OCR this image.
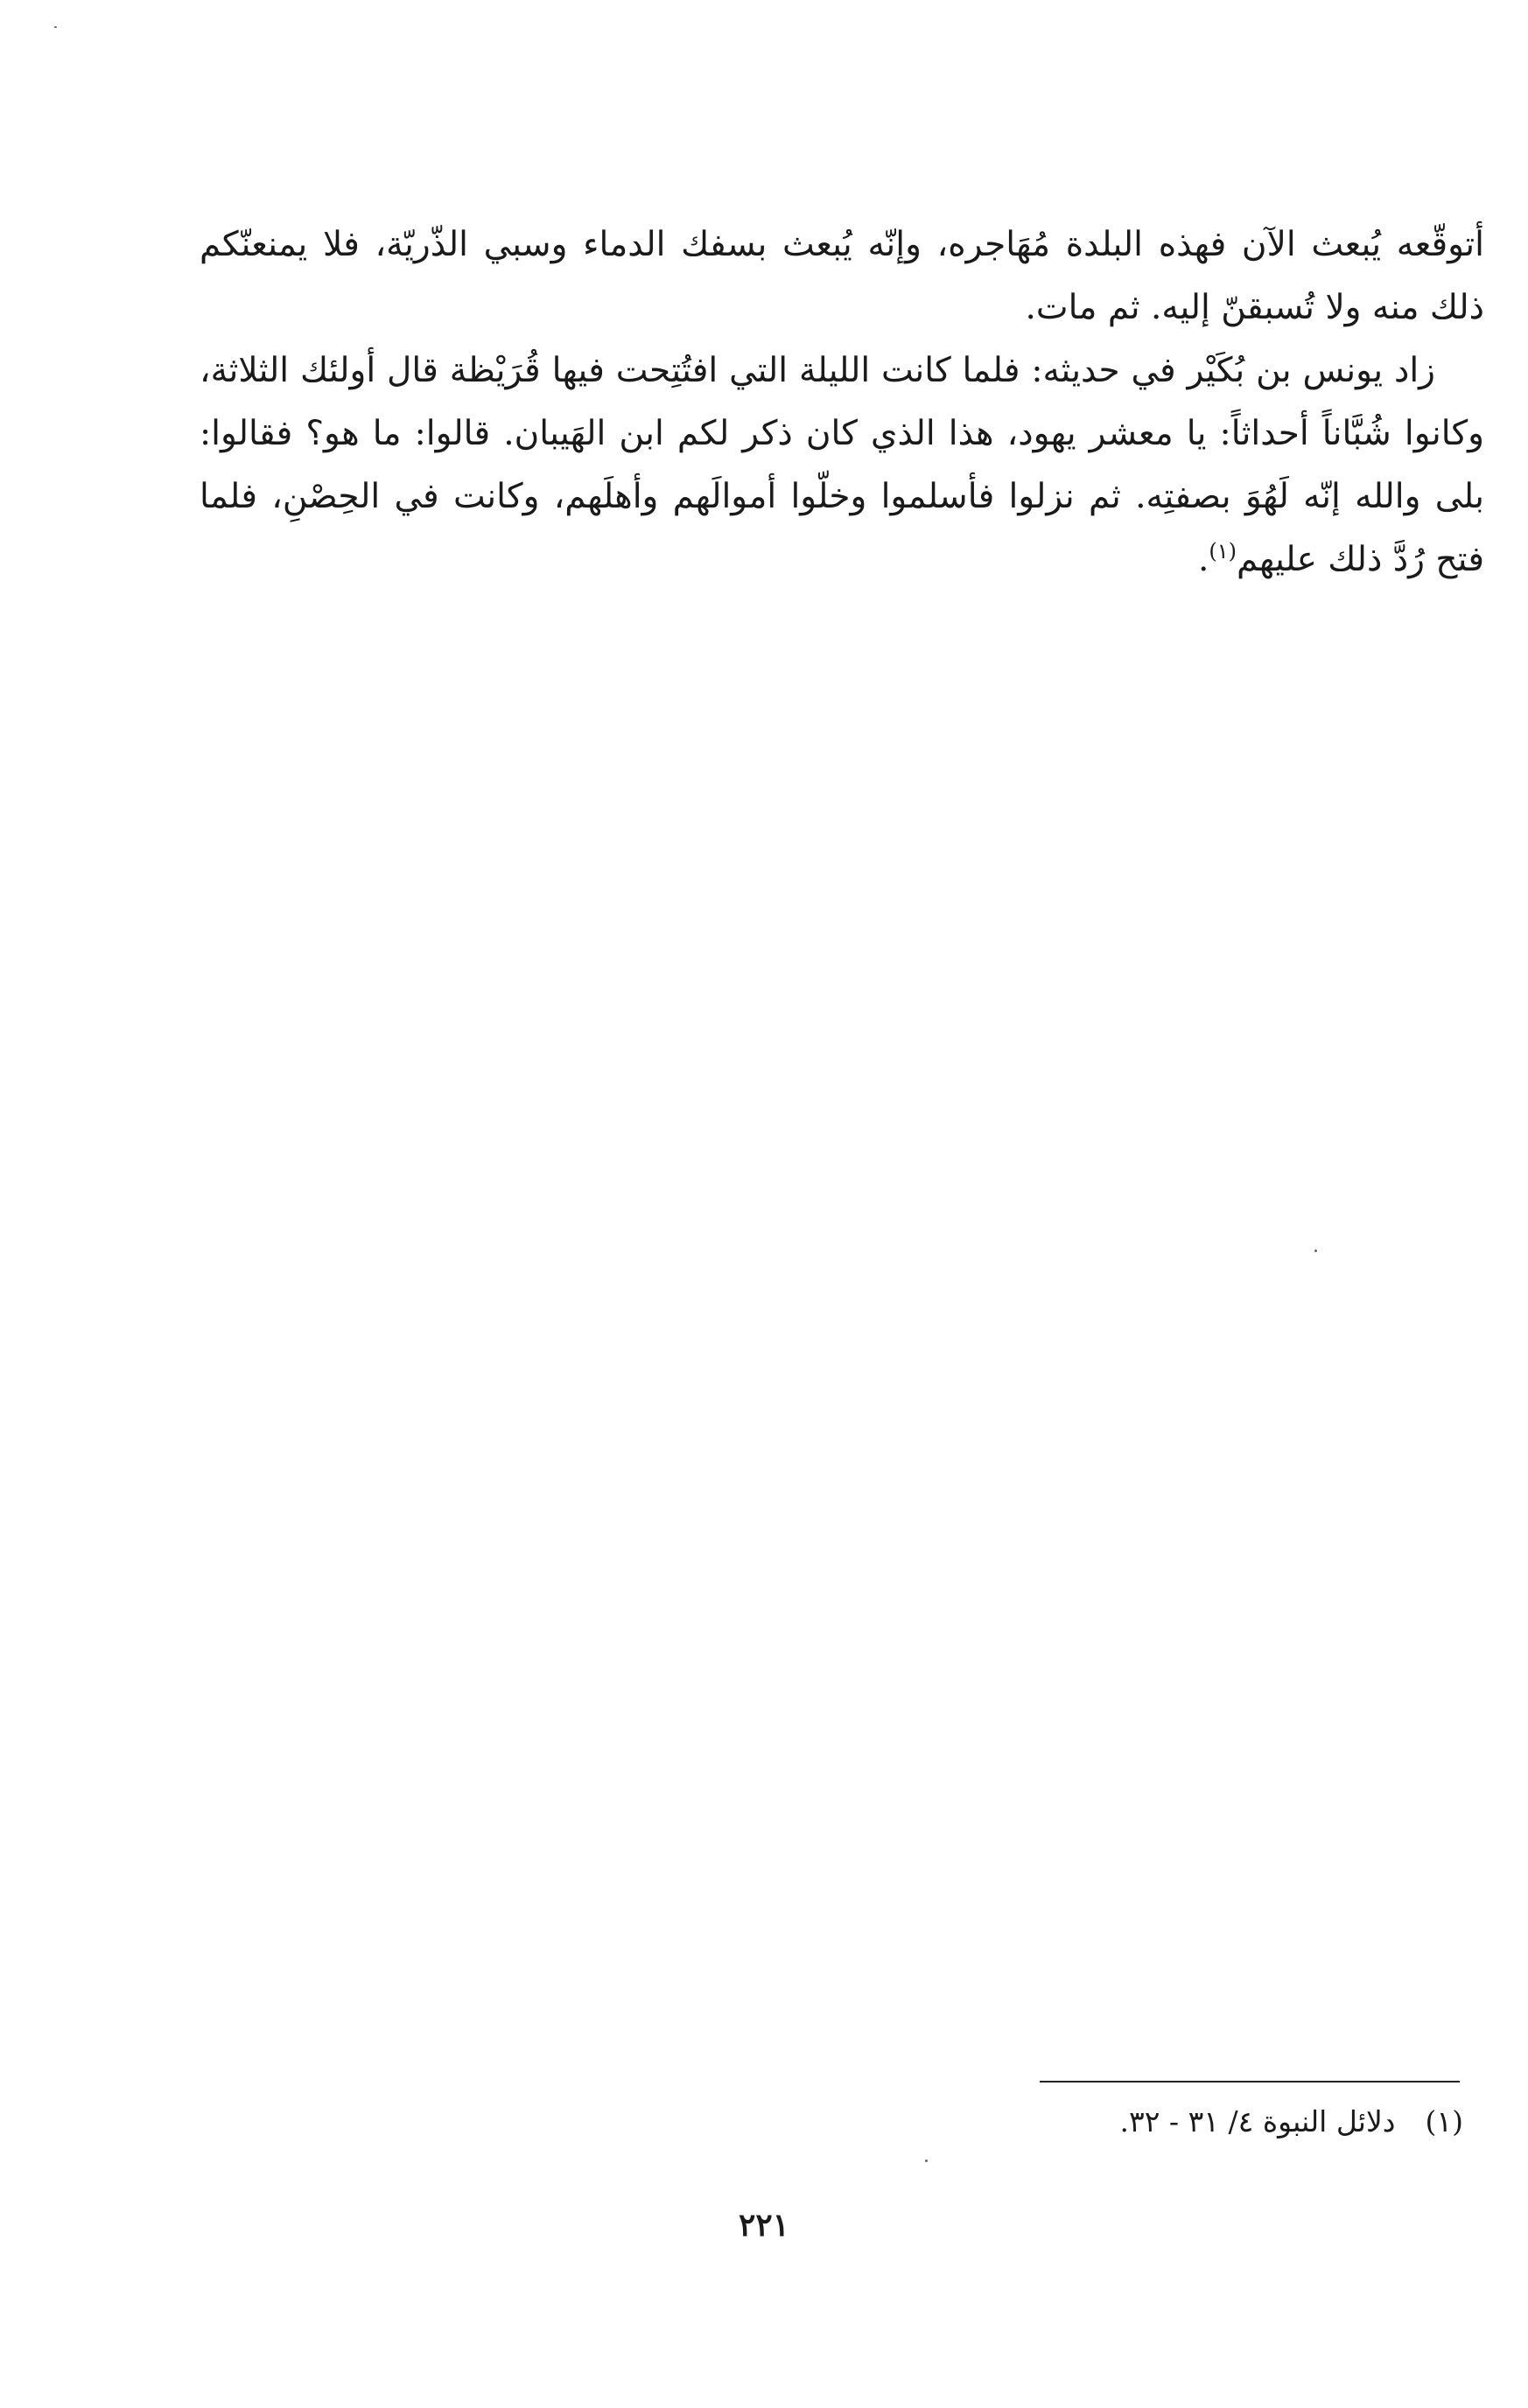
أتوقّعه يُبعث الآن فهذه البلدة مُهَاجره، وإنّه يُبعث بسفك الدماء وسبي الذّريّة، فلا يمنعنّكم ذلك منه ولا تُسبقنّ إليه. ثم مات.

زاد يونس بن بُكَيْر في حديثه: فلما كانت الليلة التي افتُتِحت فيها قُرَيْظة قال أولئك الثلاثة، وكانوا شُبَّاناً أحداثاً: يا معشر يهود، هذا الذي كان ذكر لكم ابن الهَيبان. قالوا: ما هو؟ فقالوا: بلى والله إنّه لَهُوَ بصفتِه. ثم نزلوا فأسلموا وخلّوا أموالَهم وأهلَهم، وكانت في الحِصْنِ، فلما فتح رُدَّ ذلك عليهم$^{(١)}$.

(١)دلائل النبوة ٤/ ٣١ - ٣٢.
٢٢١
